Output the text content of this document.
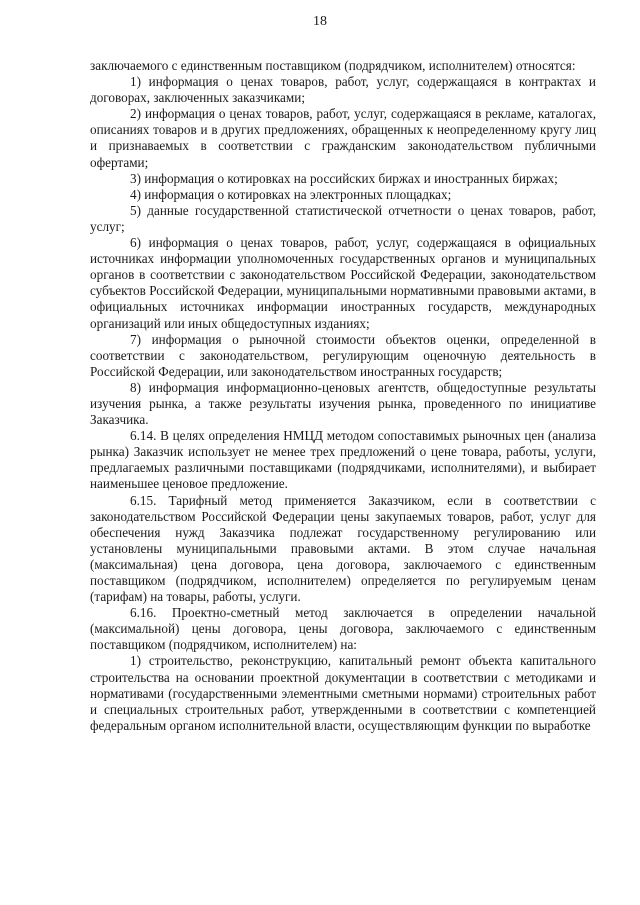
18

заключаемого с единственным поставщиком (подрядчиком, исполнителем) относятся:

1) информация о ценах товаров, работ, услуг, содержащаяся в контрактах и договорах, заключенных заказчиками;

2) информация о ценах товаров, работ, услуг, содержащаяся в рекламе, каталогах, описаниях товаров и в других предложениях, обращенных к неопределенному кругу лиц и признаваемых в соответствии с гражданским законодательством публичными офертами;

3) информация о котировках на российских биржах и иностранных биржах;

4) информация о котировках на электронных площадках;

5) данные государственной статистической отчетности о ценах товаров, работ, услуг;

6) информация о ценах товаров, работ, услуг, содержащаяся в официальных источниках информации уполномоченных государственных органов и муниципальных органов в соответствии с законодательством Российской Федерации, законодательством субъектов Российской Федерации, муниципальными нормативными правовыми актами, в официальных источниках информации иностранных государств, международных организаций или иных общедоступных изданиях;

7) информация о рыночной стоимости объектов оценки, определенной в соответствии с законодательством, регулирующим оценочную деятельность в Российской Федерации, или законодательством иностранных государств;

8) информация информационно-ценовых агентств, общедоступные результаты изучения рынка, а также результаты изучения рынка, проведенного по инициативе Заказчика.

6.14. В целях определения НМЦД методом сопоставимых рыночных цен (анализа рынка) Заказчик использует не менее трех предложений о цене товара, работы, услуги, предлагаемых различными поставщиками (подрядчиками, исполнителями), и выбирает наименьшее ценовое предложение.

6.15. Тарифный метод применяется Заказчиком, если в соответствии с законодательством Российской Федерации цены закупаемых товаров, работ, услуг для обеспечения нужд Заказчика подлежат государственному регулированию или установлены муниципальными правовыми актами. В этом случае начальная (максимальная) цена договора, цена договора, заключаемого с единственным поставщиком (подрядчиком, исполнителем) определяется по регулируемым ценам (тарифам) на товары, работы, услуги.

6.16. Проектно-сметный метод заключается в определении начальной (максимальной) цены договора, цены договора, заключаемого с единственным поставщиком (подрядчиком, исполнителем) на:

1) строительство, реконструкцию, капитальный ремонт объекта капитального строительства на основании проектной документации в соответствии с методиками и нормативами (государственными элементными сметными нормами) строительных работ и специальных строительных работ, утвержденными в соответствии с компетенцией федеральным органом исполнительной власти, осуществляющим функции по выработке
